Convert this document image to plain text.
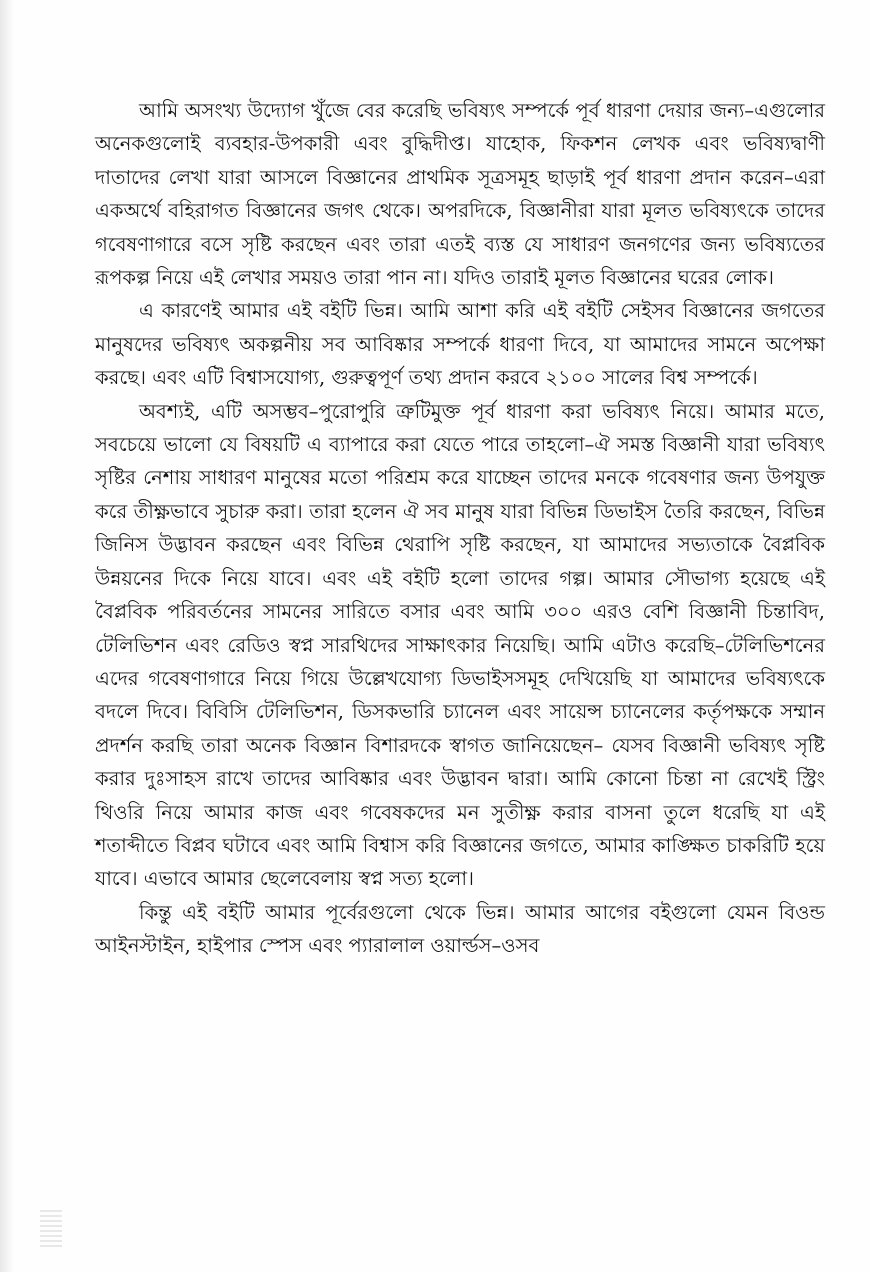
আমি অসংখ্য উদ্যোগ খুঁজে বের করেছি ভবিষ্যৎ সম্পর্কে পূর্ব ধারণা দেয়ার জন্য–এগুলোর অনেকগুলোই ব্যবহার-উপকারী এবং বুদ্ধিদীপ্ত। যাহোক, ফিকশন লেখক এবং ভবিষ্যদ্বাণী দাতাদের লেখা যারা আসলে বিজ্ঞানের প্রাথমিক সূত্রসমূহ ছাড়াই পূর্ব ধারণা প্রদান করেন–এরা একঅর্থে বহিরাগত বিজ্ঞানের জগৎ থেকে। অপরদিকে, বিজ্ঞানীরা যারা মূলত ভবিষ্যৎকে তাদের গবেষণাগারে বসে সৃষ্টি করছেন এবং তারা এতই ব্যস্ত যে সাধারণ জনগণের জন্য ভবিষ্যতের রূপকল্প নিয়ে এই লেখার সময়ও তারা পান না। যদিও তারাই মূলত বিজ্ঞানের ঘরের লোক।

এ কারণেই আমার এই বইটি ভিন্ন। আমি আশা করি এই বইটি সেইসব বিজ্ঞানের জগতের মানুষদের ভবিষ্যৎ অকল্পনীয় সব আবিষ্কার সম্পর্কে ধারণা দিবে, যা আমাদের সামনে অপেক্ষা করছে। এবং এটি বিশ্বাসযোগ্য, গুরুত্বপূর্ণ তথ্য প্রদান করবে ২১০০ সালের বিশ্ব সম্পর্কে।

অবশ্যই, এটি অসম্ভব–পুরোপুরি ত্রুটিমুক্ত পূর্ব ধারণা করা ভবিষ্যৎ নিয়ে। আমার মতে, সবচেয়ে ভালো যে বিষয়টি এ ব্যাপারে করা যেতে পারে তাহলো–ঐ সমস্ত বিজ্ঞানী যারা ভবিষ্যৎ সৃষ্টির নেশায় সাধারণ মানুষের মতো পরিশ্রম করে যাচ্ছেন তাদের মনকে গবেষণার জন্য উপযুক্ত করে তীক্ষ্ণভাবে সুচারু করা। তারা হলেন ঐ সব মানুষ যারা বিভিন্ন ডিভাইস তৈরি করছেন, বিভিন্ন জিনিস উদ্ভাবন করছেন এবং বিভিন্ন থেরাপি সৃষ্টি করছেন, যা আমাদের সভ্যতাকে বৈপ্লবিক উন্নয়নের দিকে নিয়ে যাবে। এবং এই বইটি হলো তাদের গল্প। আমার সৌভাগ্য হয়েছে এই বৈপ্লবিক পরিবর্তনের সামনের সারিতে বসার এবং আমি ৩০০ এরও বেশি বিজ্ঞানী চিন্তাবিদ, টেলিভিশন এবং রেডিও স্বপ্ন সারথিদের সাক্ষাৎকার নিয়েছি। আমি এটাও করেছি–টেলিভিশনের এদের গবেষণাগারে নিয়ে গিয়ে উল্লেখযোগ্য ডিভাইসসমূহ দেখিয়েছি যা আমাদের ভবিষ্যৎকে বদলে দিবে। বিবিসি টেলিভিশন, ডিসকভারি চ্যানেল এবং সায়েন্স চ্যানেলের কর্তৃপক্ষকে সম্মান প্রদর্শন করছি তারা অনেক বিজ্ঞান বিশারদকে স্বাগত জানিয়েছেন– যেসব বিজ্ঞানী ভবিষ্যৎ সৃষ্টি করার দুঃসাহস রাখে তাদের আবিষ্কার এবং উদ্ভাবন দ্বারা। আমি কোনো চিন্তা না রেখেই স্ট্রিং থিওরি নিয়ে আমার কাজ এবং গবেষকদের মন সুতীক্ষ্ণ করার বাসনা তুলে ধরেছি যা এই শতাব্দীতে বিপ্লব ঘটাবে এবং আমি বিশ্বাস করি বিজ্ঞানের জগতে, আমার কাঙ্ক্ষিত চাকরিটি হয়ে যাবে। এভাবে আমার ছেলেবেলায় স্বপ্ন সত্য হলো।

কিন্তু এই বইটি আমার পূর্বেরগুলো থেকে ভিন্ন। আমার আগের বইগুলো যেমন বিওন্ড আইনস্টাইন, হাইপার স্পেস এবং প্যারালাল ওয়ার্ল্ডস–ওসব
